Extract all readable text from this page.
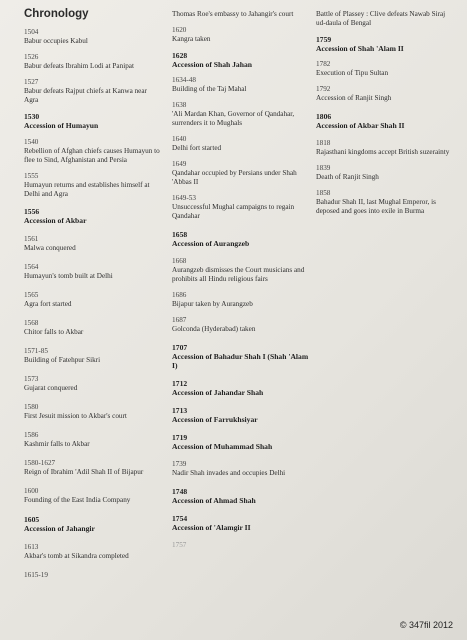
Chronology
1504
Babur occupies Kabul
1526
Babur defeats Ibrahim Lodi at Panipat
1527
Babur defeats Rajput chiefs at Kanwa near Agra
1530
Accession of Humayun
1540
Rebellion of Afghan chiefs causes Humayun to flee to Sind, Afghanistan and Persia
1555
Humayun returns and establishes himself at Delhi and Agra
1556
Accession of Akbar
1561
Malwa conquered
1564
Humayun's tomb built at Delhi
1565
Agra fort started
1568
Chitor falls to Akbar
1571-85
Building of Fatehpur Sikri
1573
Gujarat conquered
1580
First Jesuit mission to Akbar's court
1586
Kashmir falls to Akbar
1580-1627
Reign of Ibrahim 'Adil Shah II of Bijapur
1600
Founding of the East India Company
1605
Accession of Jahangir
1613
Akbar's tomb at Sikandra completed
1615-19
Thomas Roe's embassy to Jahangir's court
1620
Kangra taken
1628
Accession of Shah Jahan
1634-48
Building of the Taj Mahal
1638
'Ali Mardan Khan, Governor of Qandahar, surrenders it to Mughals
1640
Delhi fort started
1649
Qandahar occupied by Persians under Shah 'Abbas II
1649-53
Unsuccessful Mughal campaigns to regain Qandahar
1658
Accession of Aurangzeb
1668
Aurangzeb dismisses the Court musicians and prohibits all Hindu religious fairs
1686
Bijapur taken by Aurangzeb
1687
Golconda (Hyderabad) taken
1707
Accession of Bahadur Shah I (Shah 'Alam I)
1712
Accession of Jahandar Shah
1713
Accession of Farrukhsiyar
1719
Accession of Muhammad Shah
1739
Nadir Shah invades and occupies Delhi
1748
Accession of Ahmad Shah
1754
Accession of 'Alamgir II
1757
Battle of Plassey : Clive defeats Nawab Siraj ud-daula of Bengal
1759
Accession of Shah 'Alam II
1782
Execution of Tipu Sultan
1792
Accession of Ranjit Singh
1806
Accession of Akbar Shah II
1818
Rajasthani kingdoms accept British suzerainty
1839
Death of Ranjit Singh
1858
Bahadur Shah II, last Mughal Emperor, is deposed and goes into exile in Burma
© 347fil 2012
